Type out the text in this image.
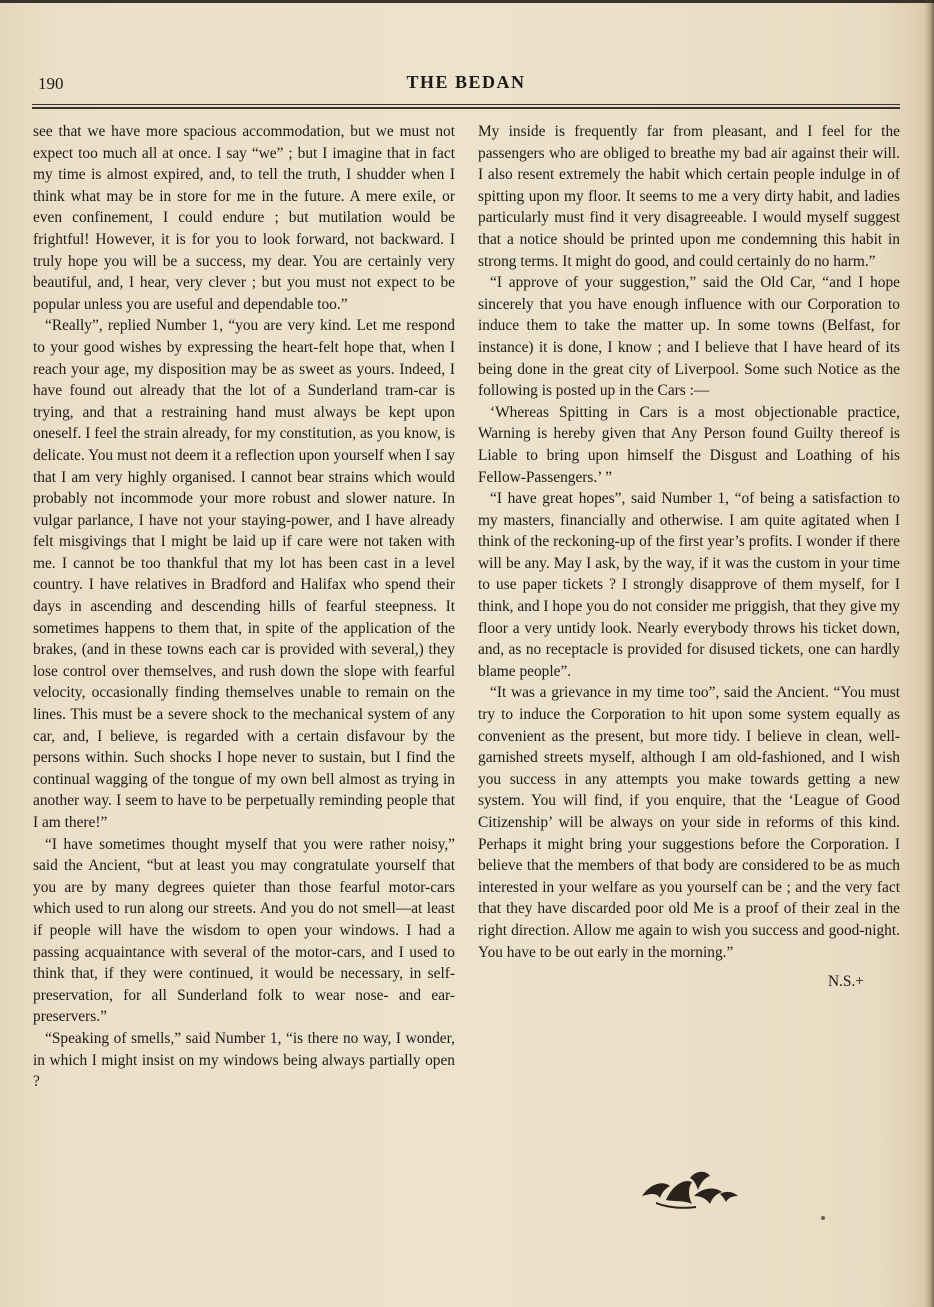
190	THE BEDAN

see that we have more spacious accommodation, but we must not expect too much all at once. I say “we” ; but I imagine that in fact my time is almost expired, and, to tell the truth, I shudder when I think what may be in store for me in the future. A mere exile, or even confinement, I could endure ; but mutilation would be frightful! However, it is for you to look forward, not backward. I truly hope you will be a success, my dear. You are certainly very beautiful, and, I hear, very clever ; but you must not expect to be popular unless you are useful and dependable too.”

“Really”, replied Number 1, “you are very kind. Let me respond to your good wishes by expressing the heart-felt hope that, when I reach your age, my disposition may be as sweet as yours. Indeed, I have found out already that the lot of a Sunderland tram-car is trying, and that a restraining hand must always be kept upon oneself. I feel the strain already, for my constitution, as you know, is delicate. You must not deem it a reflection upon yourself when I say that I am very highly organised. I cannot bear strains which would probably not incommode your more robust and slower nature. In vulgar parlance, I have not your staying-power, and I have already felt misgivings that I might be laid up if care were not taken with me. I cannot be too thankful that my lot has been cast in a level country. I have relatives in Bradford and Halifax who spend their days in ascending and descending hills of fearful steepness. It sometimes happens to them that, in spite of the application of the brakes, (and in these towns each car is provided with several,) they lose control over themselves, and rush down the slope with fearful velocity, occasionally finding themselves unable to remain on the lines. This must be a severe shock to the mechanical system of any car, and, I believe, is regarded with a certain disfavour by the persons within. Such shocks I hope never to sustain, but I find the continual wagging of the tongue of my own bell almost as trying in another way. I seem to have to be perpetually reminding people that I am there!”

“I have sometimes thought myself that you were rather noisy,” said the Ancient, “but at least you may congratulate yourself that you are by many degrees quieter than those fearful motor-cars which used to run along our streets. And you do not smell—at least if people will have the wisdom to open your windows. I had a passing acquaintance with several of the motor-cars, and I used to think that, if they were continued, it would be necessary, in self-preservation, for all Sunderland folk to wear nose- and ear-preservers.”

“Speaking of smells,” said Number 1, “is there no way, I wonder, in which I might insist on my windows being always partially open ?

My inside is frequently far from pleasant, and I feel for the passengers who are obliged to breathe my bad air against their will. I also resent extremely the habit which certain people indulge in of spitting upon my floor. It seems to me a very dirty habit, and ladies particularly must find it very disagreeable. I would myself suggest that a notice should be printed upon me condemning this habit in strong terms. It might do good, and could certainly do no harm.”

“I approve of your suggestion,” said the Old Car, “and I hope sincerely that you have enough influence with our Corporation to induce them to take the matter up. In some towns (Belfast, for instance) it is done, I know ; and I believe that I have heard of its being done in the great city of Liverpool. Some such Notice as the following is posted up in the Cars :—

‘Whereas Spitting in Cars is a most objectionable practice, Warning is hereby given that Any Person found Guilty thereof is Liable to bring upon himself the Disgust and Loathing of his Fellow-Passengers.’ ”

“I have great hopes”, said Number 1, “of being a satisfaction to my masters, financially and otherwise. I am quite agitated when I think of the reckoning-up of the first year’s profits. I wonder if there will be any. May I ask, by the way, if it was the custom in your time to use paper tickets ? I strongly disapprove of them myself, for I think, and I hope you do not consider me priggish, that they give my floor a very untidy look. Nearly everybody throws his ticket down, and, as no receptacle is provided for disused tickets, one can hardly blame people”.

“It was a grievance in my time too”, said the Ancient. “You must try to induce the Corporation to hit upon some system equally as convenient as the present, but more tidy. I believe in clean, well-garnished streets myself, although I am old-fashioned, and I wish you success in any attempts you make towards getting a new system. You will find, if you enquire, that the ‘League of Good Citizenship’ will be always on your side in reforms of this kind. Perhaps it might bring your suggestions before the Corporation. I believe that the members of that body are considered to be as much interested in your welfare as you yourself can be ; and the very fact that they have discarded poor old Me is a proof of their zeal in the right direction. Allow me again to wish you success and good-night. You have to be out early in the morning.”

N.S.+
